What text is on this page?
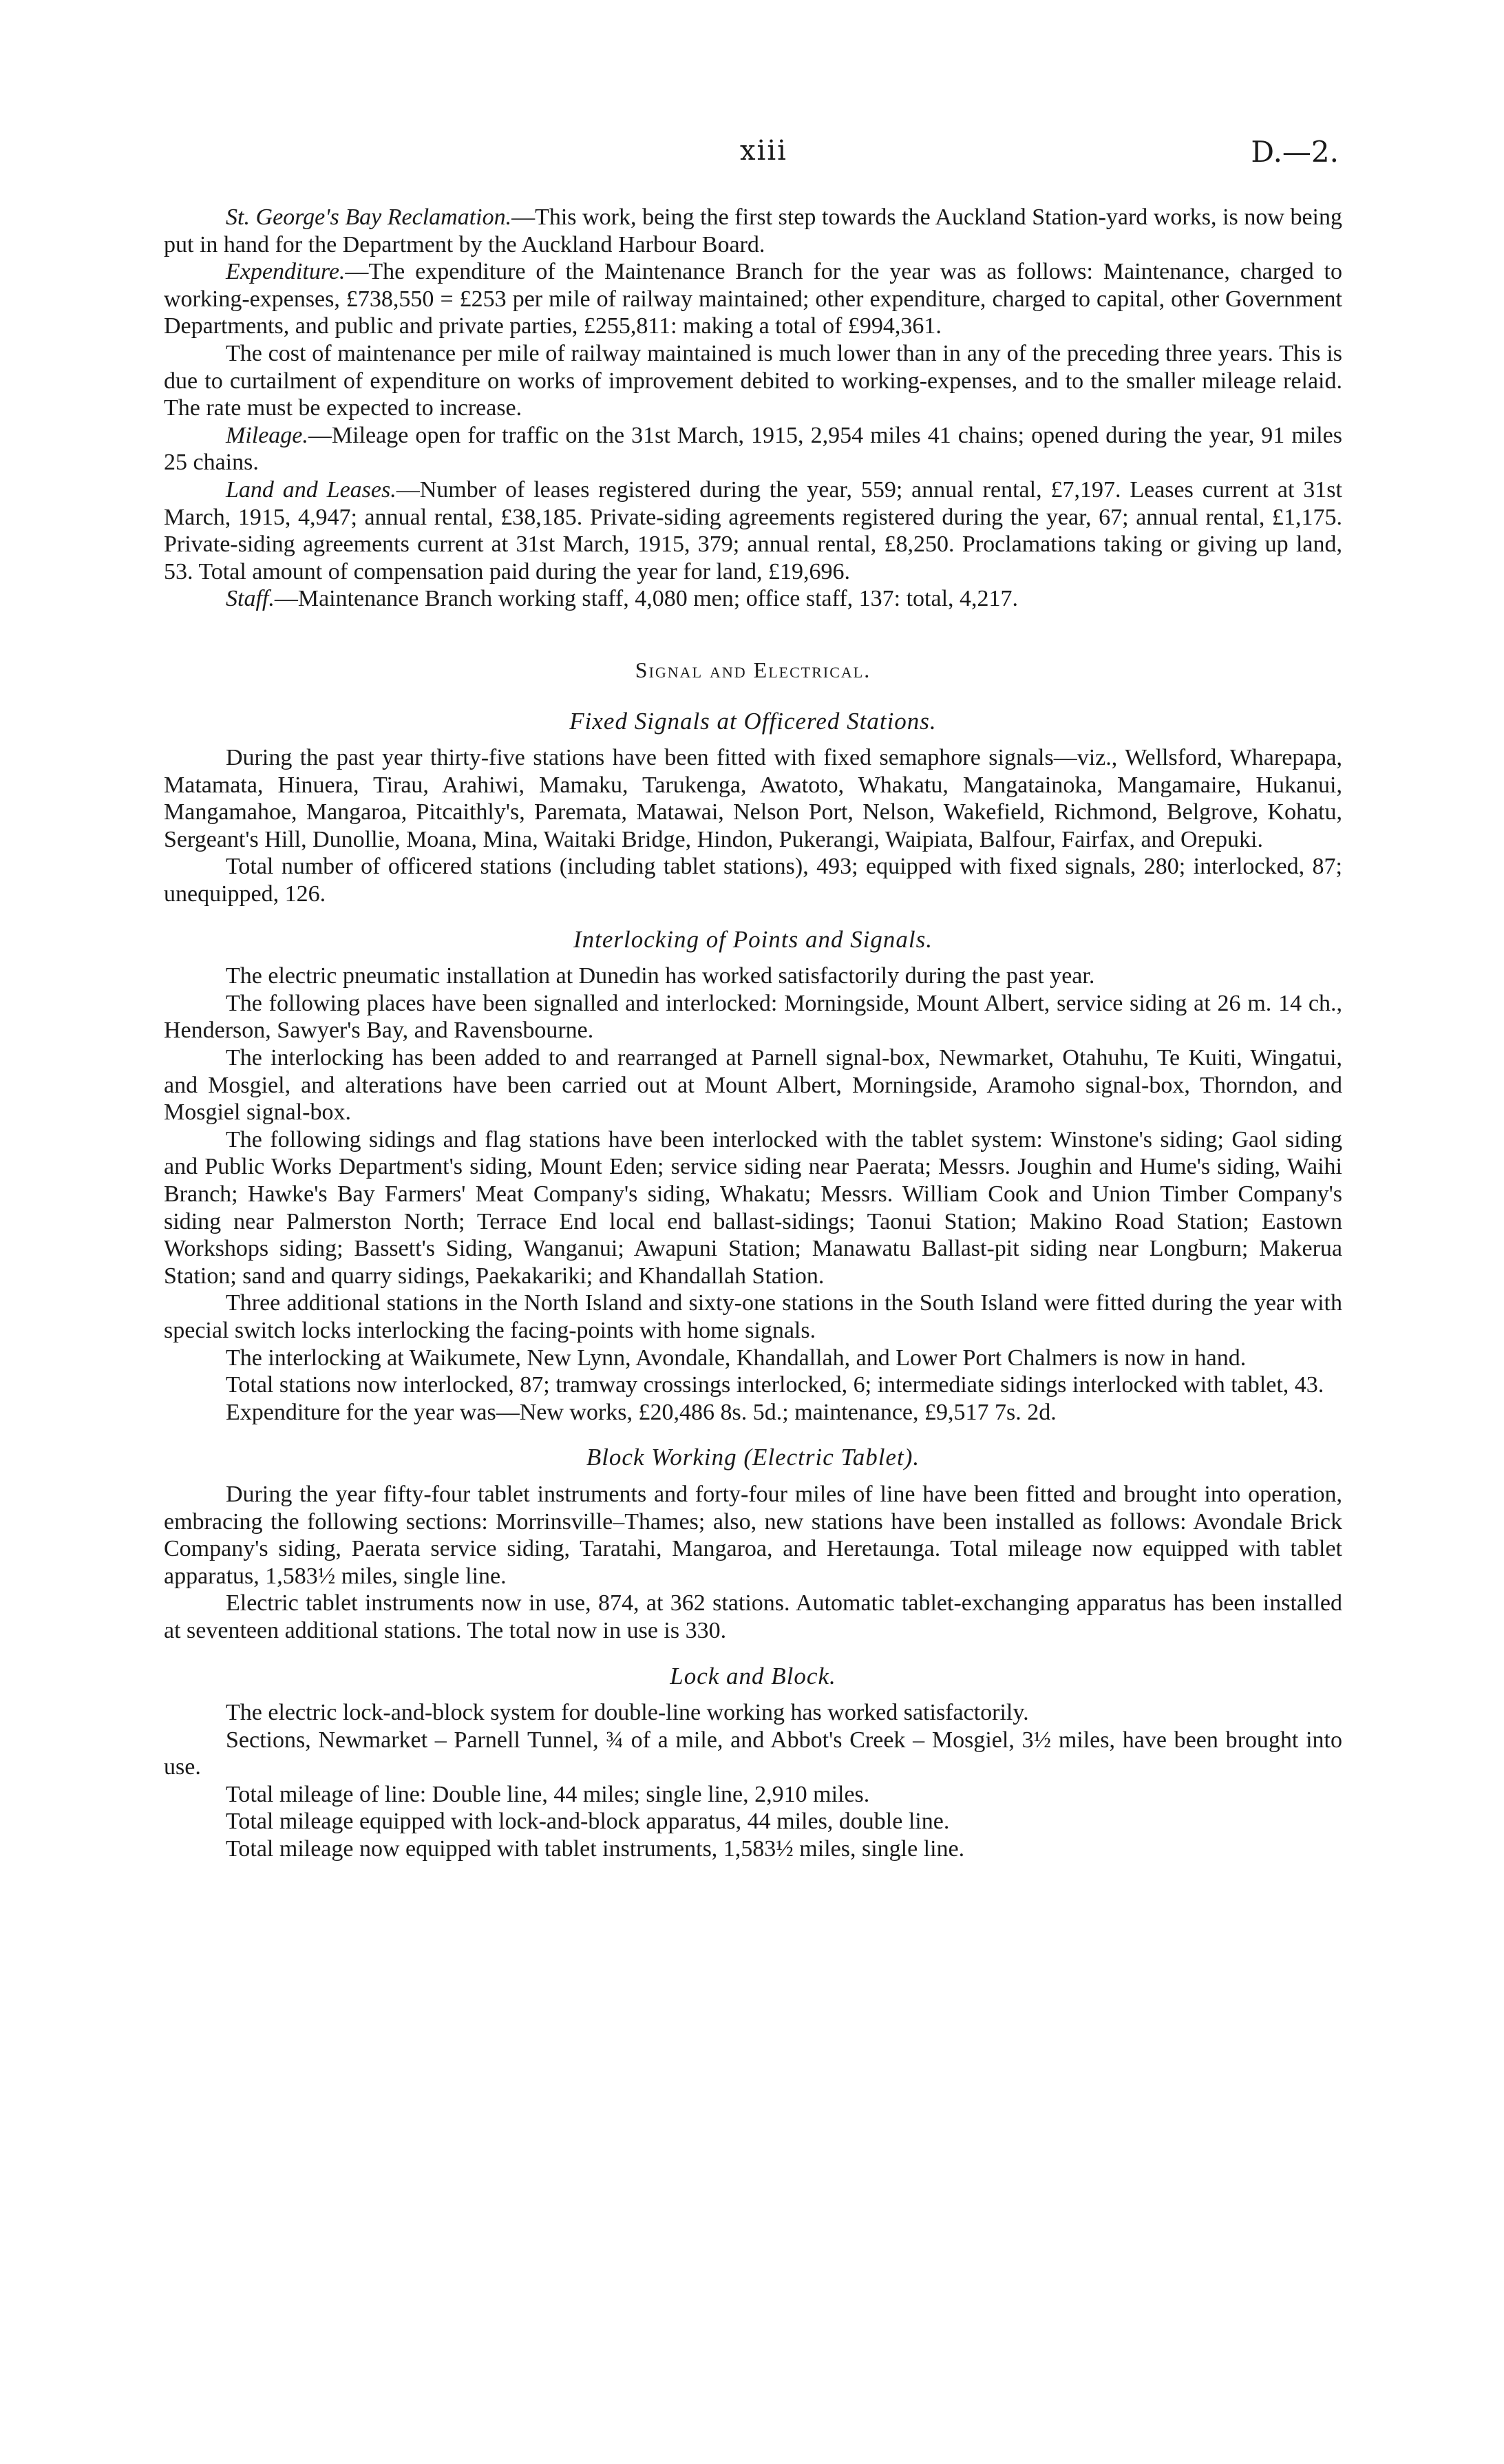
xiii	D.—2.

St. George's Bay Reclamation.—This work, being the first step towards the Auckland Station-yard works, is now being put in hand for the Department by the Auckland Harbour Board.

Expenditure.—The expenditure of the Maintenance Branch for the year was as follows: Maintenance, charged to working-expenses, £738,550 = £253 per mile of railway maintained; other expenditure, charged to capital, other Government Departments, and public and private parties, £255,811: making a total of £994,361.

The cost of maintenance per mile of railway maintained is much lower than in any of the preceding three years. This is due to curtailment of expenditure on works of improvement debited to working-expenses, and to the smaller mileage relaid. The rate must be expected to increase.

Mileage.—Mileage open for traffic on the 31st March, 1915, 2,954 miles 41 chains; opened during the year, 91 miles 25 chains.

Land and Leases.—Number of leases registered during the year, 559; annual rental, £7,197. Leases current at 31st March, 1915, 4,947; annual rental, £38,185. Private-siding agreements registered during the year, 67; annual rental, £1,175. Private-siding agreements current at 31st March, 1915, 379; annual rental, £8,250. Proclamations taking or giving up land, 53. Total amount of compensation paid during the year for land, £19,696.

Staff.—Maintenance Branch working staff, 4,080 men; office staff, 137: total, 4,217.

Signal and Electrical.
Fixed Signals at Officered Stations.

During the past year thirty-five stations have been fitted with fixed semaphore signals—viz., Wellsford, Wharepapa, Matamata, Hinuera, Tirau, Arahiwi, Mamaku, Tarukenga, Awatoto, Whakatu, Mangatainoka, Mangamaire, Hukanui, Mangamahoe, Mangaroa, Pitcaithly's, Paremata, Matawai, Nelson Port, Nelson, Wakefield, Richmond, Belgrove, Kohatu, Sergeant's Hill, Dunollie, Moana, Mina, Waitaki Bridge, Hindon, Pukerangi, Waipiata, Balfour, Fairfax, and Orepuki.

Total number of officered stations (including tablet stations), 493; equipped with fixed signals, 280; interlocked, 87; unequipped, 126.

Interlocking of Points and Signals.

The electric pneumatic installation at Dunedin has worked satisfactorily during the past year.

The following places have been signalled and interlocked: Morningside, Mount Albert, service siding at 26 m. 14 ch., Henderson, Sawyer's Bay, and Ravensbourne.

The interlocking has been added to and rearranged at Parnell signal-box, Newmarket, Otahuhu, Te Kuiti, Wingatui, and Mosgiel, and alterations have been carried out at Mount Albert, Morningside, Aramoho signal-box, Thorndon, and Mosgiel signal-box.

The following sidings and flag stations have been interlocked with the tablet system: Winstone's siding; Gaol siding and Public Works Department's siding, Mount Eden; service siding near Paerata; Messrs. Joughin and Hume's siding, Waihi Branch; Hawke's Bay Farmers' Meat Company's siding, Whakatu; Messrs. William Cook and Union Timber Company's siding near Palmerston North; Terrace End local end ballast-sidings; Taonui Station; Makino Road Station; Eastown Workshops siding; Bassett's Siding, Wanganui; Awapuni Station; Manawatu Ballast-pit siding near Longburn; Makerua Station; sand and quarry sidings, Paekakariki; and Khandallah Station.

Three additional stations in the North Island and sixty-one stations in the South Island were fitted during the year with special switch locks interlocking the facing-points with home signals.

The interlocking at Waikumete, New Lynn, Avondale, Khandallah, and Lower Port Chalmers is now in hand.

Total stations now interlocked, 87; tramway crossings interlocked, 6; intermediate sidings interlocked with tablet, 43.

Expenditure for the year was—New works, £20,486 8s. 5d.; maintenance, £9,517 7s. 2d.

Block Working (Electric Tablet).

During the year fifty-four tablet instruments and forty-four miles of line have been fitted and brought into operation, embracing the following sections: Morrinsville–Thames; also, new stations have been installed as follows: Avondale Brick Company's siding, Paerata service siding, Taratahi, Mangaroa, and Heretaunga. Total mileage now equipped with tablet apparatus, 1,583½ miles, single line.

Electric tablet instruments now in use, 874, at 362 stations. Automatic tablet-exchanging apparatus has been installed at seventeen additional stations. The total now in use is 330.

Lock and Block.

The electric lock-and-block system for double-line working has worked satisfactorily.

Sections, Newmarket – Parnell Tunnel, ¾ of a mile, and Abbot's Creek – Mosgiel, 3½ miles, have been brought into use.

Total mileage of line: Double line, 44 miles; single line, 2,910 miles.

Total mileage equipped with lock-and-block apparatus, 44 miles, double line.

Total mileage now equipped with tablet instruments, 1,583½ miles, single line.
